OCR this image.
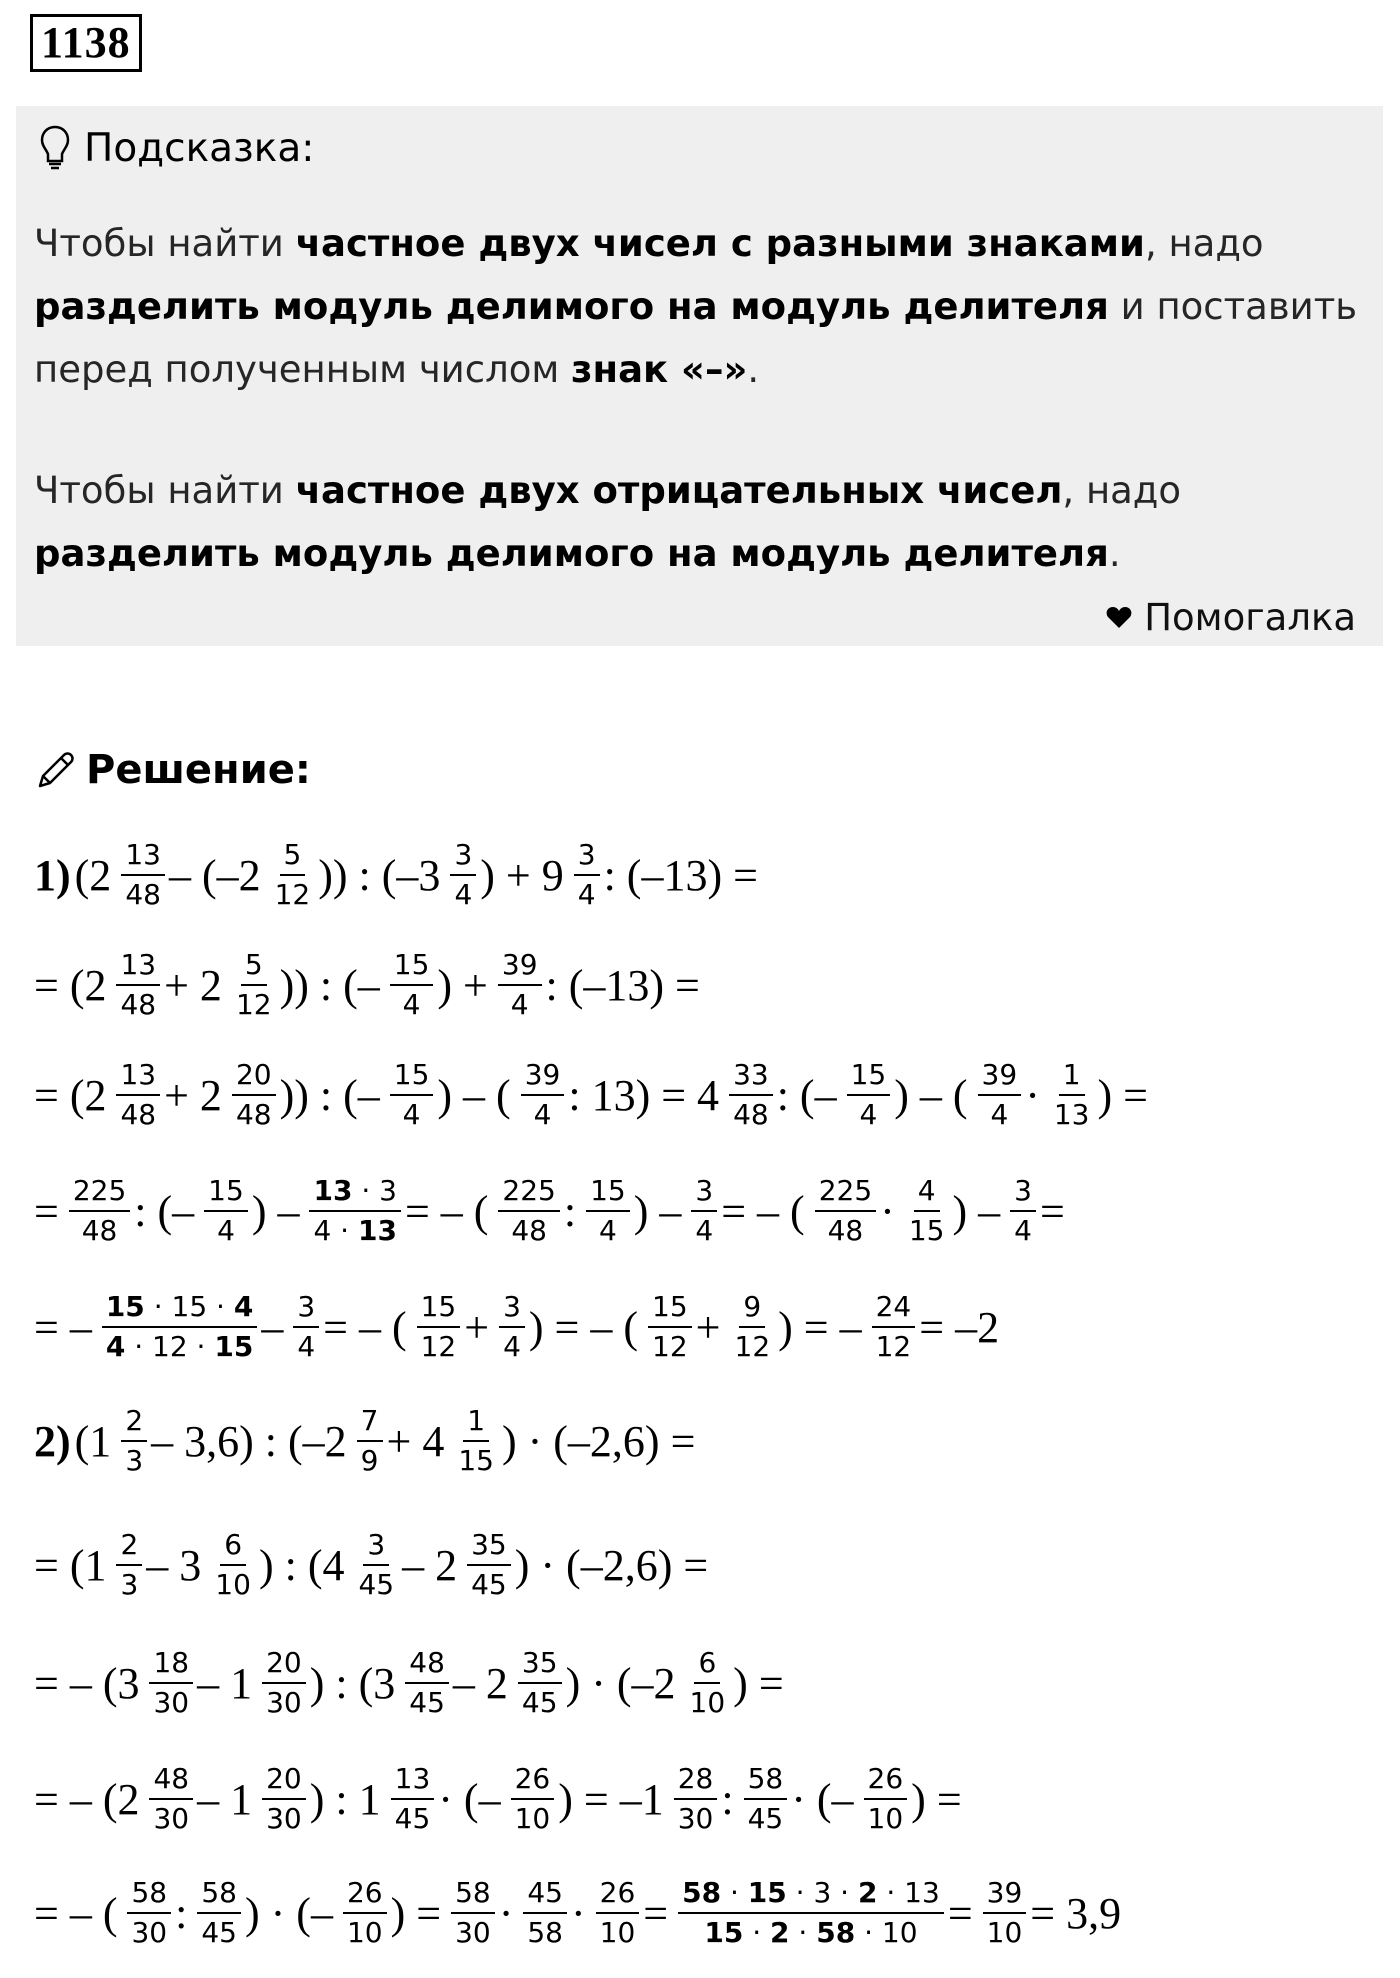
1138
Подсказка:
Чтобы найти частное двух чисел с разными знаками, надо разделить модуль делимого на модуль делителя и поставить перед полученным числом знак «–».
Чтобы найти частное двух отрицательных чисел, надо разделить модуль делимого на модуль делителя.
Помогалка
Решение:
1) ($2 \frac{13}{48} - (-2 \frac{5}{12}$ )) : ($-3 \frac{3}{4}$ ) + $9 \frac{3}{4}$ : (–13) =
= ($2 \frac{13}{48} + 2 \frac{5}{12}$ )) : (– $\frac{15}{4}$ ) + $\frac{39}{4}$ : (–13) =
= ($2 \frac{13}{48} + 2 \frac{20}{48}$ )) : (– $\frac{15}{4}$ ) – ( $\frac{39}{4}$ : $13) = 4 \frac{33}{48}$ : (– $\frac{15}{4}$ ) – ( $\frac{39}{4} \cdot \frac{1}{13}$ ) =
= $\frac{225}{48}$ : (– $\frac{15}{4}$ ) – $\frac{13 \cdot 3}{4 \cdot 13}$ = – ( $\frac{225}{48}$ : $\frac{15}{4}$ ) – $\frac{3}{4}$ = – ( $\frac{225}{48} \cdot \frac{4}{15}$ ) – $\frac{3}{4}$ =
= – $\frac{15 \cdot 15 \cdot 4}{4 \cdot 12 \cdot 15} - \frac{3}{4}$ = – ( $\frac{15}{12} + \frac{3}{4}$ ) = – ( $\frac{15}{12} + \frac{9}{12}$ ) = – $\frac{24}{12} = -2$
2) $(1 \frac{2}{3} - 3,6)$ : ($-2 \frac{7}{9} + 4 \frac{1}{15}$ ) · (–2,6) =
= ($1 \frac{2}{3} - 3 \frac{6}{10}$ ) : ($4 \frac{3}{45} - 2 \frac{35}{45}$ ) · (–2,6) =
= – ($3 \frac{18}{30} - 1 \frac{20}{30}$ ) : ($3 \frac{48}{45} - 2 \frac{35}{45}$ ) · ($-2 \frac{6}{10}$ ) =
= – ($2 \frac{48}{30} - 1 \frac{20}{30}$ ) : $1 \frac{13}{45}$ · (– $\frac{26}{10}$ ) = $-1 \frac{28}{30}$ : $\frac{58}{45}$ · (– $\frac{26}{10}$ ) =
= – ( $\frac{58}{30}$ : $\frac{58}{45}$ ) · (– $\frac{26}{10}$ ) = $\frac{58}{30} \cdot \frac{45}{58} \cdot \frac{26}{10} = \frac{58 \cdot 15 \cdot 3 \cdot 2 \cdot 13}{15 \cdot 2 \cdot 58 \cdot 10} = \frac{39}{10} = 3,9$
